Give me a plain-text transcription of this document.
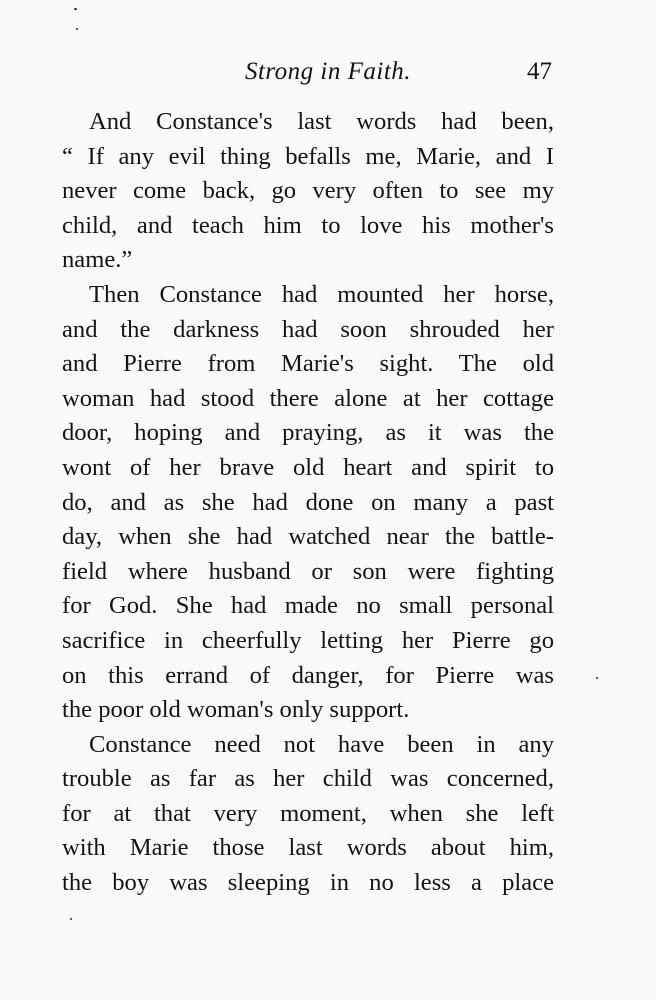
Strong in Faith.	47
And Constance's last words had been,
“ If any evil thing befalls me, Marie, and I
never come back, go very often to see my
child, and teach him to love his mother's
name.”
Then Constance had mounted her horse,
and the darkness had soon shrouded her
and Pierre from Marie's sight. The old
woman had stood there alone at her cottage
door, hoping and praying, as it was the
wont of her brave old heart and spirit to
do, and as she had done on many a past
day, when she had watched near the battle-
field where husband or son were fighting
for God. She had made no small personal
sacrifice in cheerfully letting her Pierre go
on this errand of danger, for Pierre was
the poor old woman's only support.
Constance need not have been in any
trouble as far as her child was concerned,
for at that very moment, when she left
with Marie those last words about him,
the boy was sleeping in no less a place
